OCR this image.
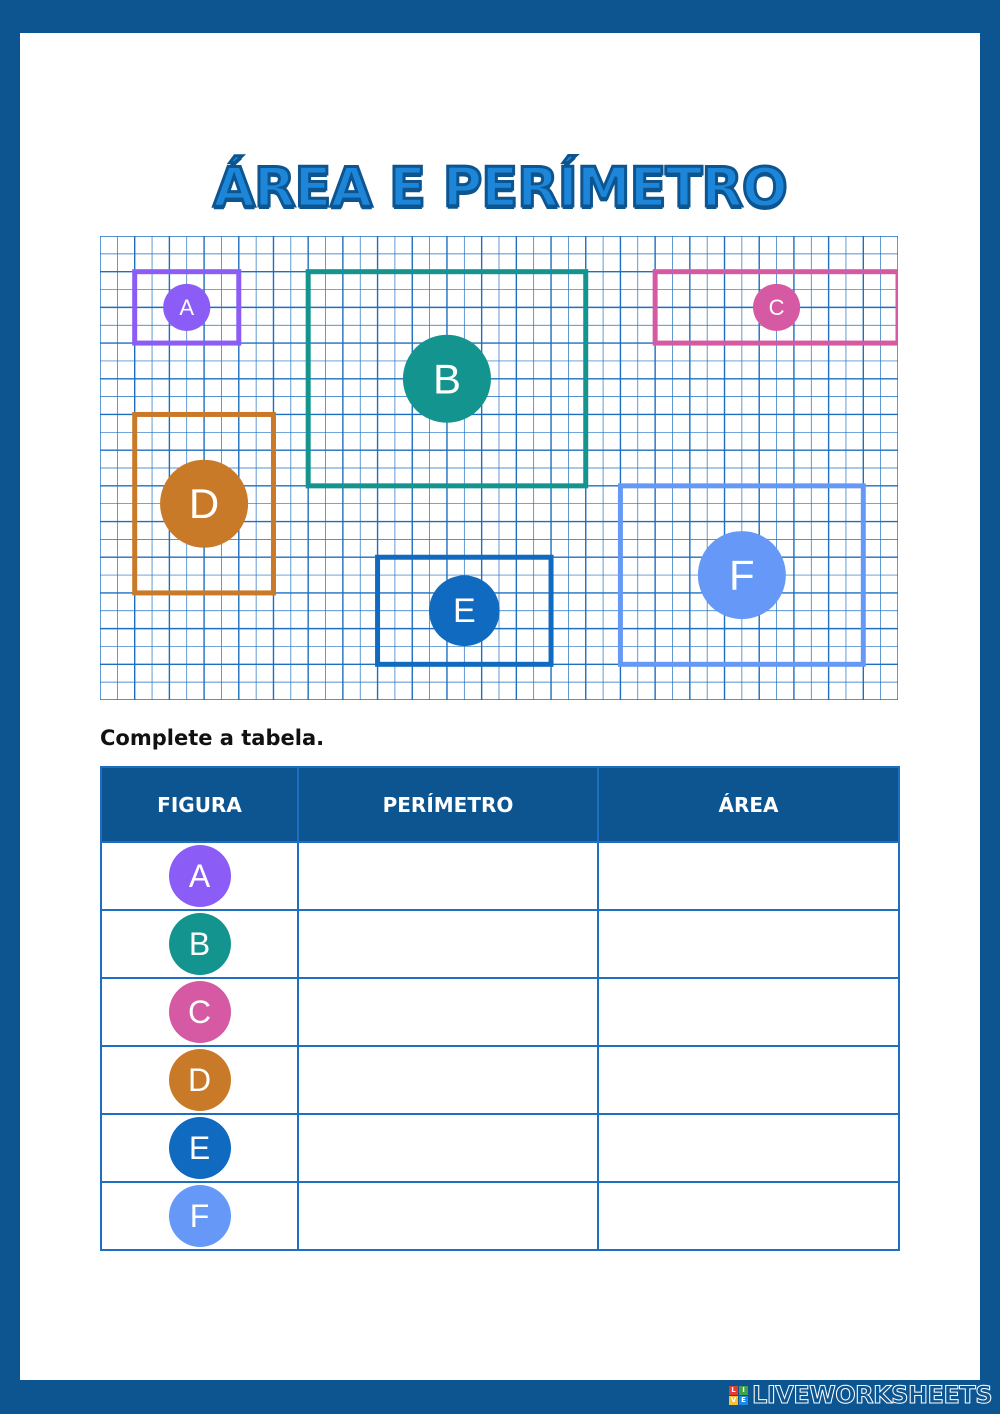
ÁREA E PERÍMETRO
A
B
C
D
E
F
Complete a tabela.
FIGURA	PERÍMETRO	ÁREA
A		
B		
C		
D		
E		
F		
L I
V E LIVEWORKSHEETS
